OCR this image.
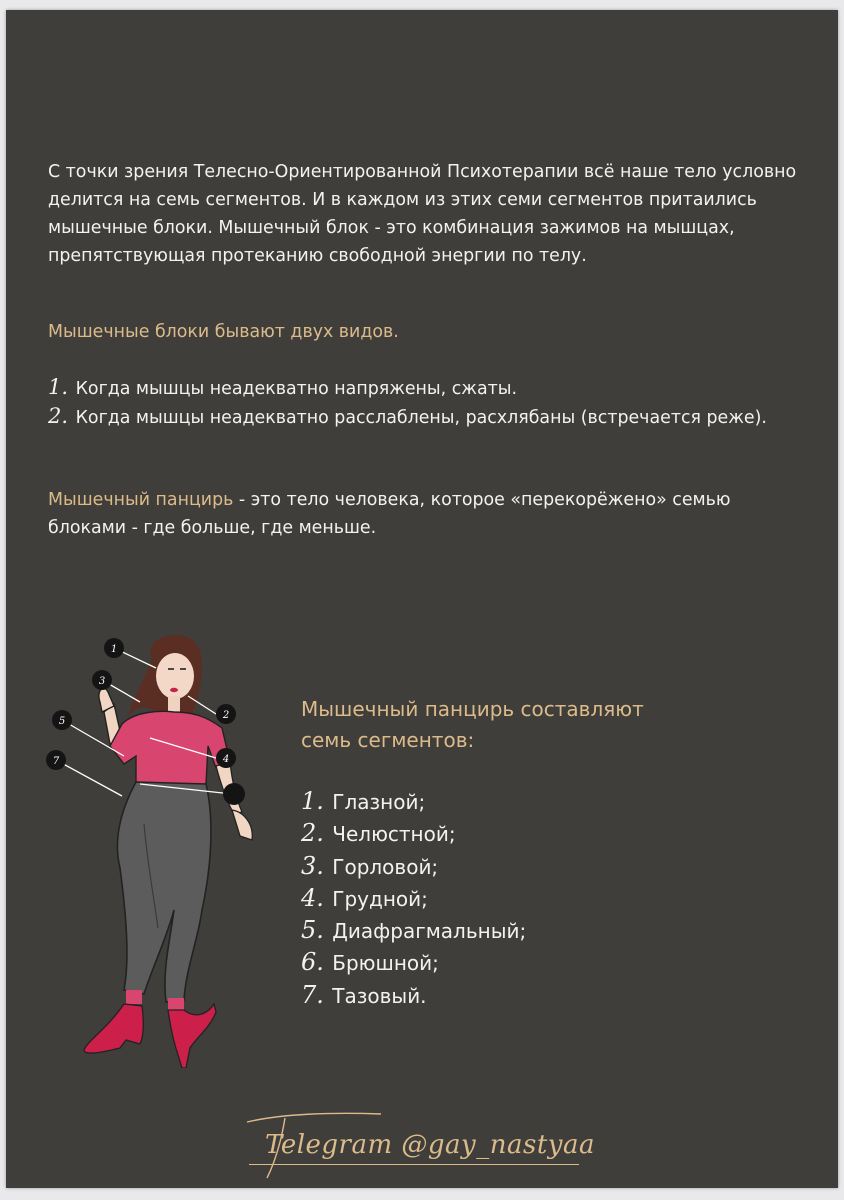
С точки зрения Телесно-Ориентированной Психотерапии всё наше тело условно делится на семь сегментов. И в каждом из этих семи сегментов притаились мышечные блоки. Мышечный блок - это комбинация зажимов на мышцах, препятствующая протеканию свободной энергии по телу.

Мышечные блоки бывают двух видов.

1. Когда мышцы неадекватно напряжены, сжаты.
2. Когда мышцы неадекватно расслаблены, расхлябаны (встречается реже).

Мышечный панцирь - это тело человека, которое «перекорёжено» семью блоками - где больше, где меньше.

1
3
2
5
4
7

Мышечный панцирь составляют
семь сегментов:

1. Глазной;
2. Челюстной;
3. Горловой;
4. Грудной;
5. Диафрагмальный;
6. Брюшной;
7. Тазовый.
Telegram @gay_nastyaa
